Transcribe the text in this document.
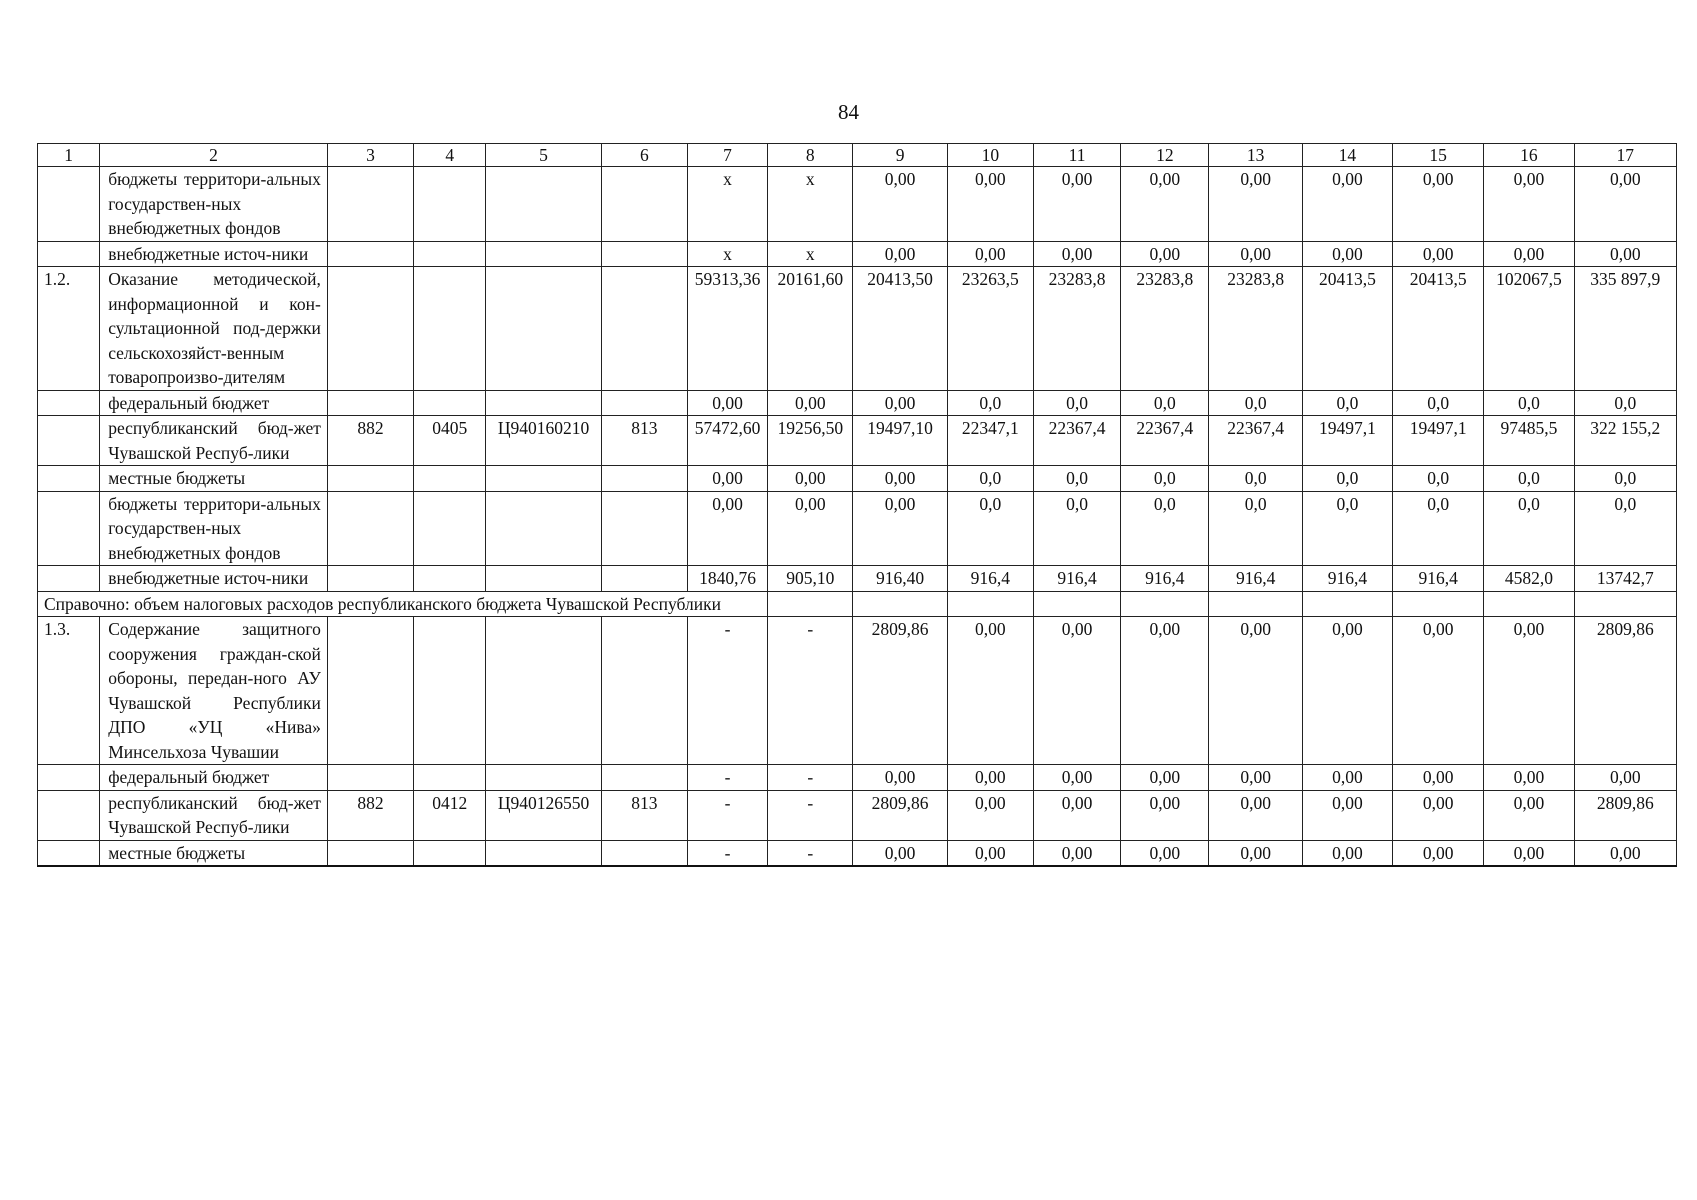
84
1	2	3	4	5	6	7	8	9	10	11	12	13	14	15	16	17
	бюджеты территори-альных государствен-ных внебюджетных фондов					x	x	0,00	0,00	0,00	0,00	0,00	0,00	0,00	0,00	0,00
	внебюджетные источ-ники					x	x	0,00	0,00	0,00	0,00	0,00	0,00	0,00	0,00	0,00
1.2.	Оказание методической, информационной и кон-сультационной под-держки сельскохозяйст-венным товаропроизво-дителям					59313,36	20161,60	20413,50	23263,5	23283,8	23283,8	23283,8	20413,5	20413,5	102067,5	335 897,9
	федеральный бюджет					0,00	0,00	0,00	0,0	0,0	0,0	0,0	0,0	0,0	0,0	0,0
	республиканский бюд-жет Чувашской Респуб-лики	882	0405	Ц940160210	813	57472,60	19256,50	19497,10	22347,1	22367,4	22367,4	22367,4	19497,1	19497,1	97485,5	322 155,2
	местные бюджеты					0,00	0,00	0,00	0,0	0,0	0,0	0,0	0,0	0,0	0,0	0,0
	бюджеты территори-альных государствен-ных внебюджетных фондов					0,00	0,00	0,00	0,0	0,0	0,0	0,0	0,0	0,0	0,0	0,0
	внебюджетные источ-ники					1840,76	905,10	916,40	916,4	916,4	916,4	916,4	916,4	916,4	4582,0	13742,7
Справочно: объем налоговых расходов республиканского бюджета Чувашской Республики																
1.3.	Содержание защитного сооружения граждан-ской обороны, передан-ного АУ Чувашской Республики ДПО «УЦ «Нива» Минсельхоза Чувашии					-	-	2809,86	0,00	0,00	0,00	0,00	0,00	0,00	0,00	2809,86
	федеральный бюджет					-	-	0,00	0,00	0,00	0,00	0,00	0,00	0,00	0,00	0,00
	республиканский бюд-жет Чувашской Респуб-лики	882	0412	Ц940126550	813	-	-	2809,86	0,00	0,00	0,00	0,00	0,00	0,00	0,00	2809,86
	местные бюджеты					-	-	0,00	0,00	0,00	0,00	0,00	0,00	0,00	0,00	0,00
